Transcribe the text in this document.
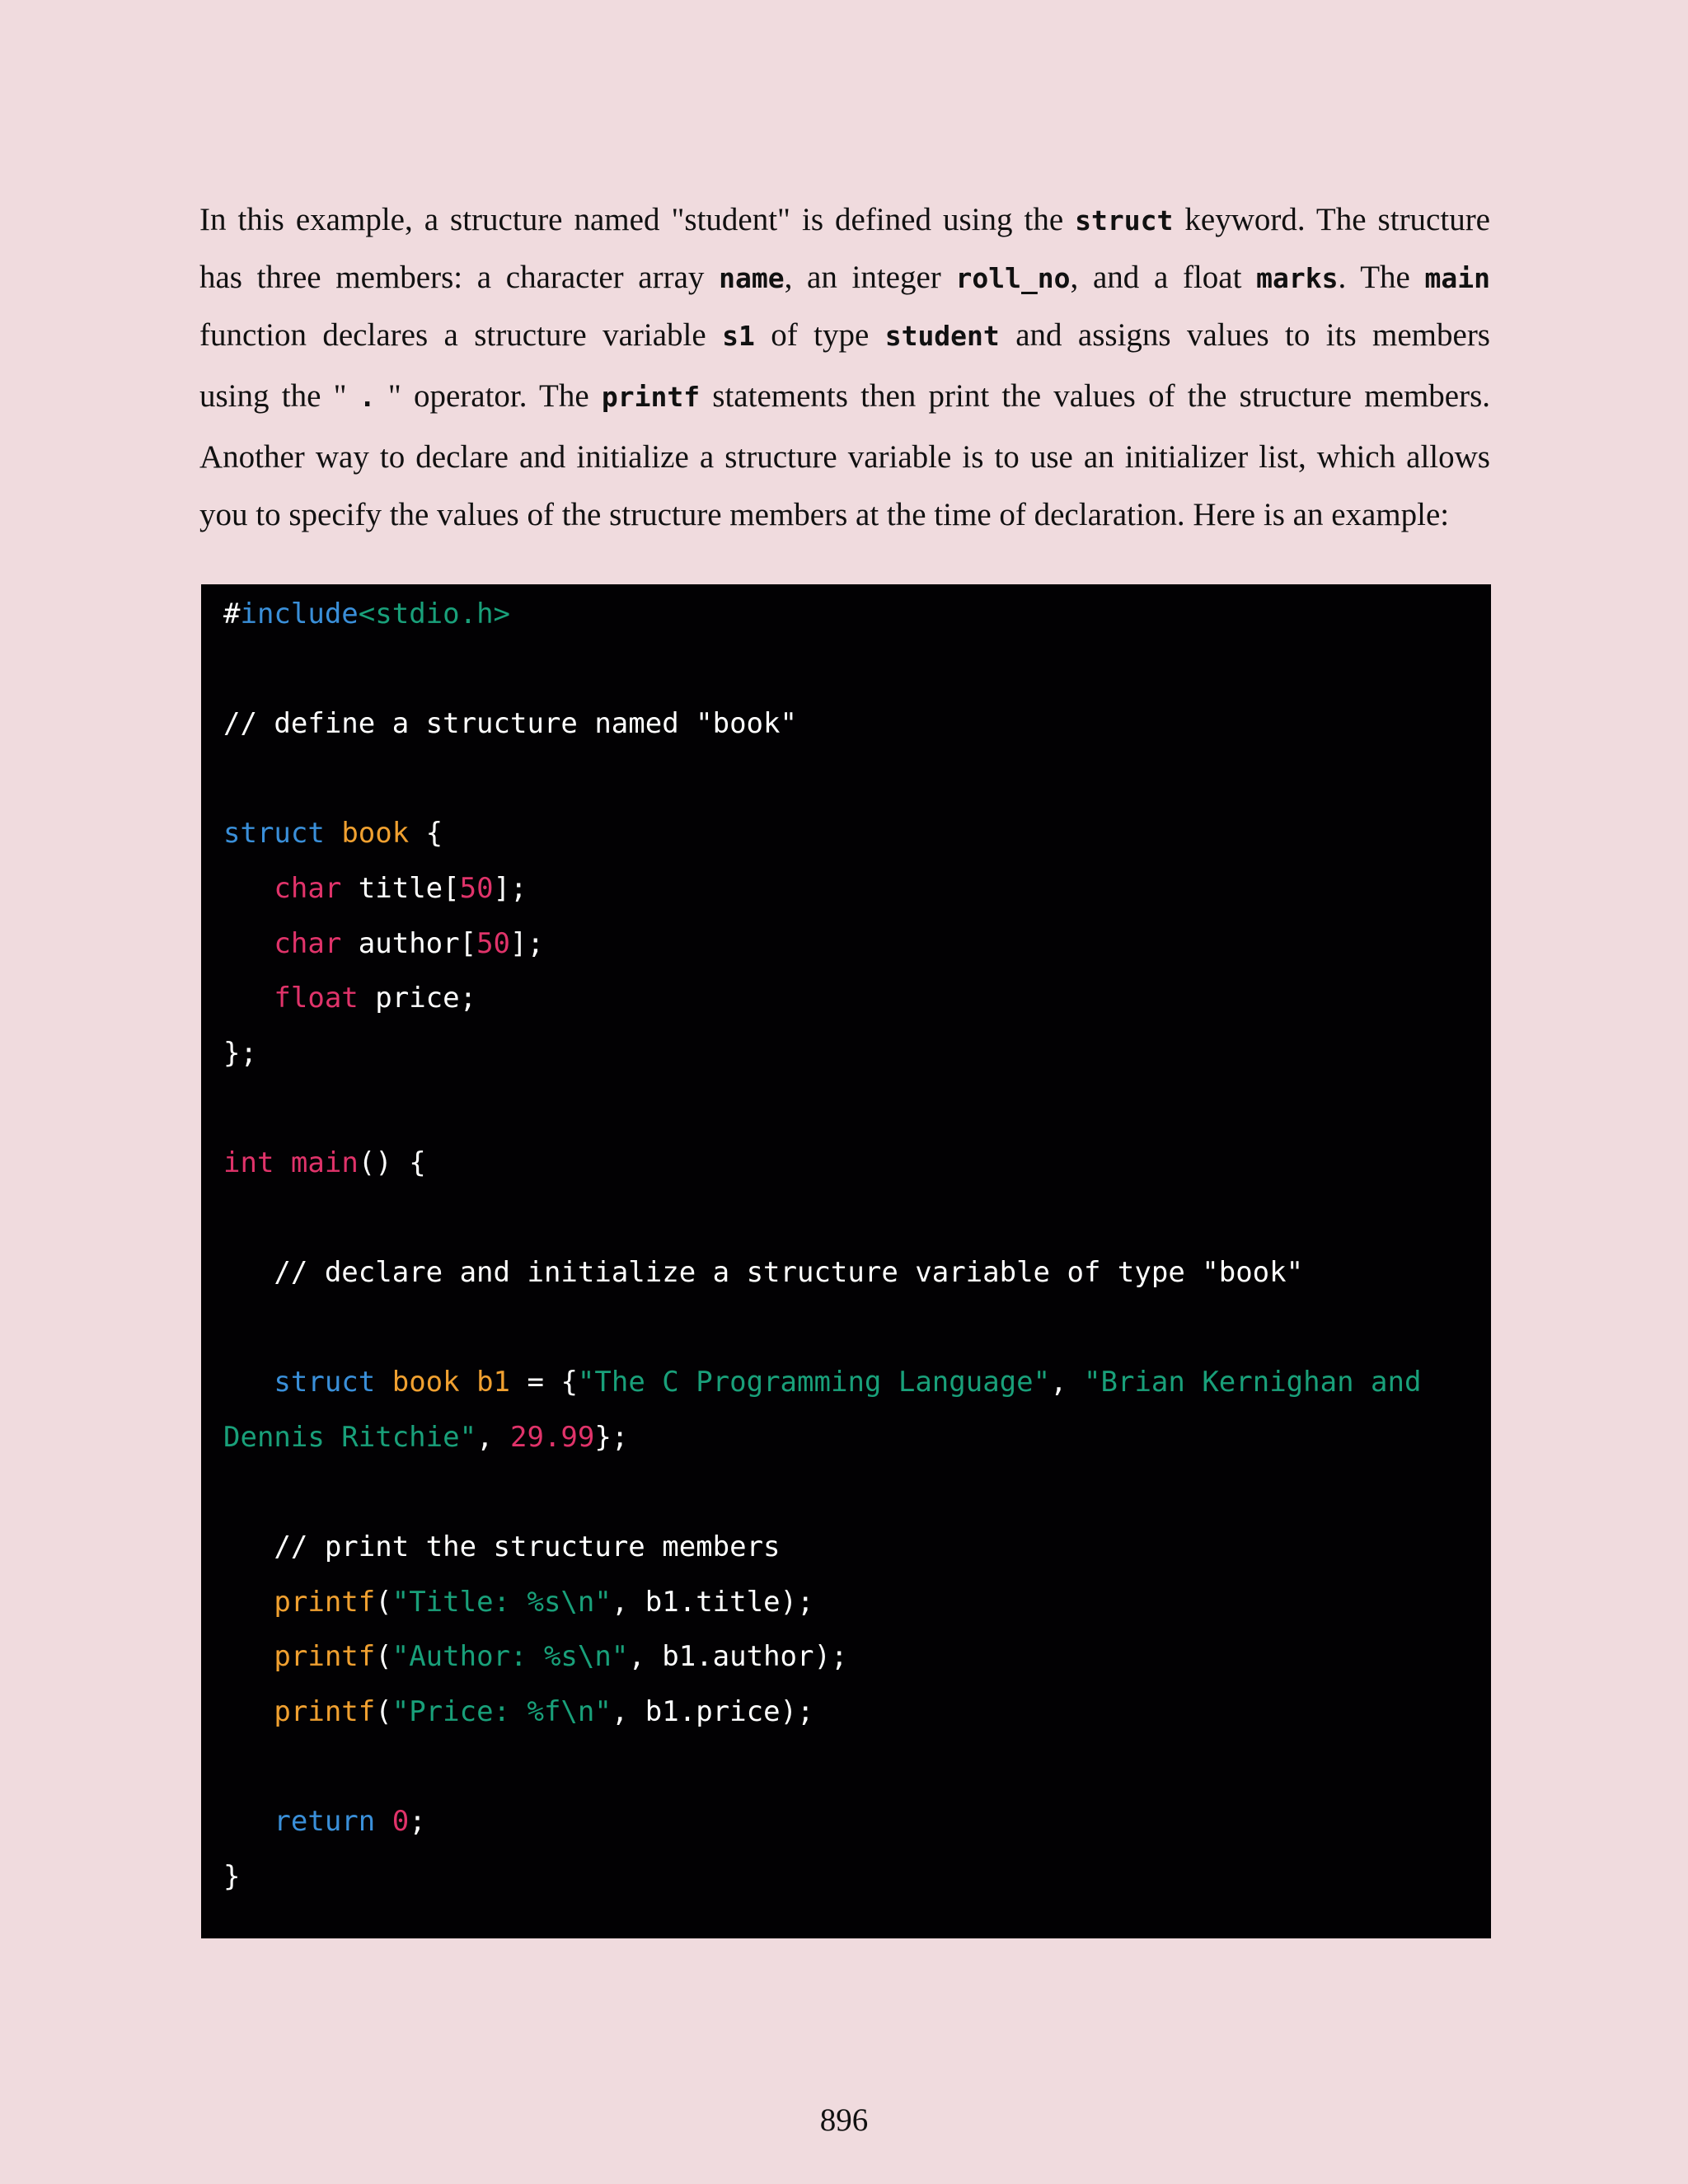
In this example, a structure named "student" is defined using the struct keyword. The structure
has three members: a character array name, an integer roll_no, and a float marks. The main
function declares a structure variable s1 of type student and assigns values to its members
using the " . " operator. The printf statements then print the values of the structure members.
Another way to declare and initialize a structure variable is to use an initializer list, which allows
you to specify the values of the structure members at the time of declaration. Here is an example:
#include<stdio.h>

// define a structure named "book"

struct book {
char title[50];
char author[50];
float price;
};

int main() {

// declare and initialize a structure variable of type "book"

struct book b1 = {"The C Programming Language", "Brian Kernighan and
Dennis Ritchie", 29.99};

// print the structure members
printf("Title: %s\n", b1.title);
printf("Author: %s\n", b1.author);
printf("Price: %f\n", b1.price);

return 0;
}
896
